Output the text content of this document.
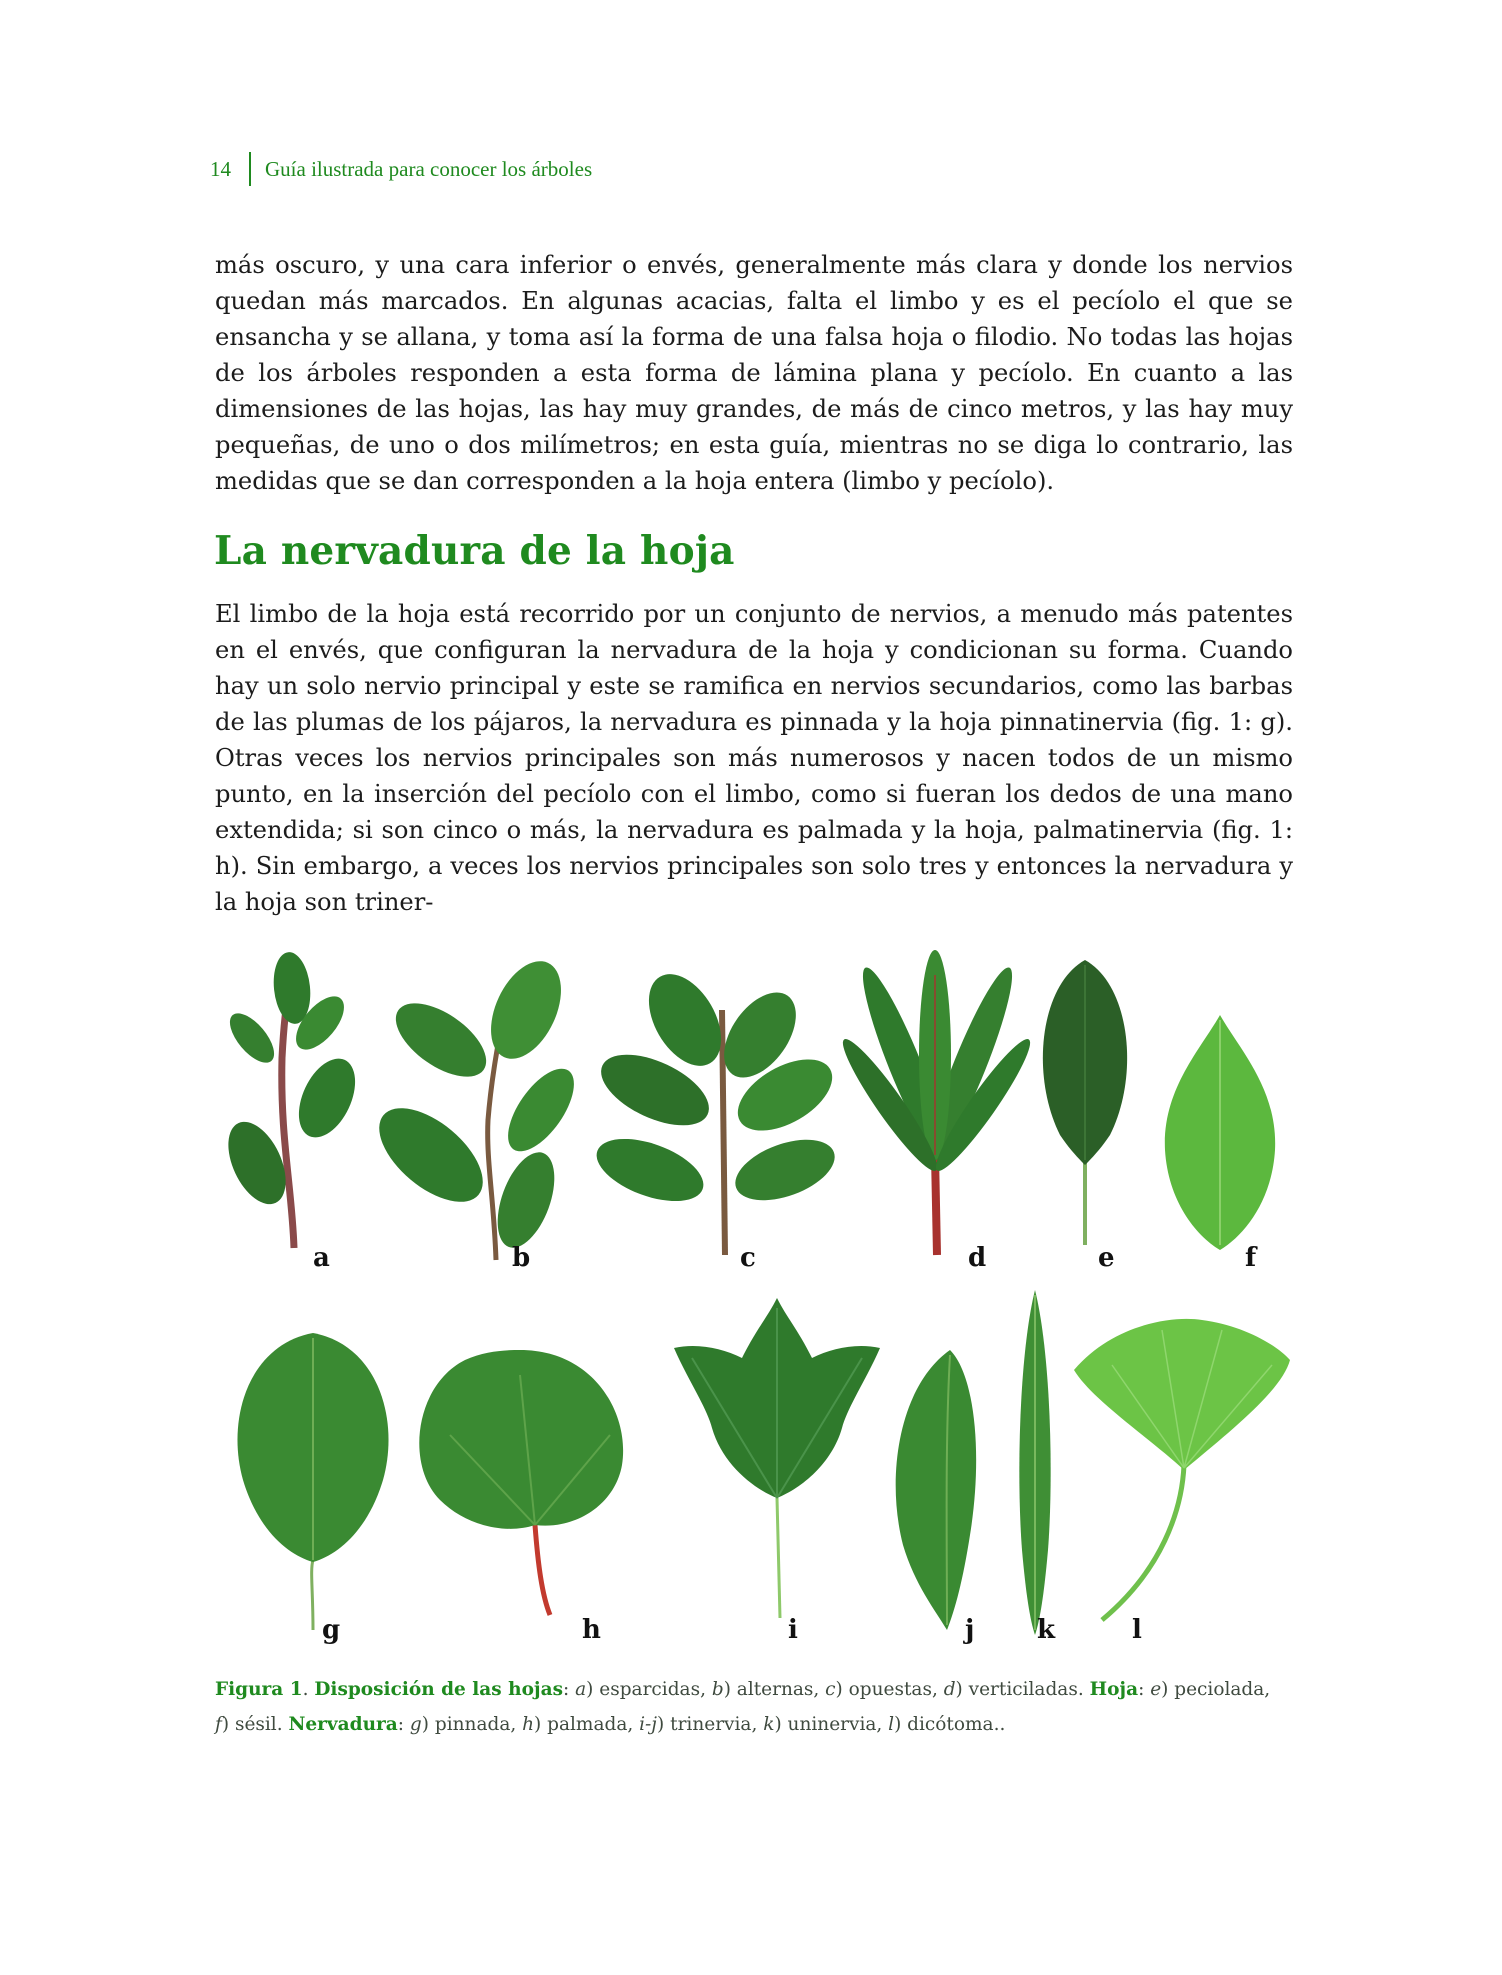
14 Guía ilustrada para conocer los árboles

más oscuro, y una cara inferior o envés, generalmente más clara y donde los nervios quedan más marcados. En algunas acacias, falta el limbo y es el pecíolo el que se ensancha y se allana, y toma así la forma de una falsa hoja o filodio. No todas las hojas de los árboles responden a esta forma de lámina plana y pecíolo. En cuanto a las dimensiones de las hojas, las hay muy grandes, de más de cinco metros, y las hay muy pequeñas, de uno o dos milímetros; en esta guía, mientras no se diga lo contrario, las medidas que se dan corresponden a la hoja entera (limbo y pecíolo).

La nervadura de la hoja

El limbo de la hoja está recorrido por un conjunto de nervios, a menudo más patentes en el envés, que configuran la nervadura de la hoja y condicionan su forma. Cuando hay un solo nervio principal y este se ramifica en nervios secundarios, como las barbas de las plumas de los pájaros, la nervadura es pinnada y la hoja pinnatinervia (fig. 1: g). Otras veces los nervios principales son más numerosos y nacen todos de un mismo punto, en la inserción del pecíolo con el limbo, como si fueran los dedos de una mano extendida; si son cinco o más, la nervadura es palmada y la hoja, palmatinervia (fig. 1: h). Sin embargo, a veces los nervios principales son solo tres y entonces la nervadura y la hoja son triner-

a	b	c	d	e	f
g	h	i	j k	l

Figura 1. Disposición de las hojas: a) esparcidas, b) alternas, c) opuestas, d) verticiladas. Hoja: e) peciolada,
f) sésil. Nervadura: g) pinnada, h) palmada, i-j) trinervia, k) uninervia, l) dicótoma..
